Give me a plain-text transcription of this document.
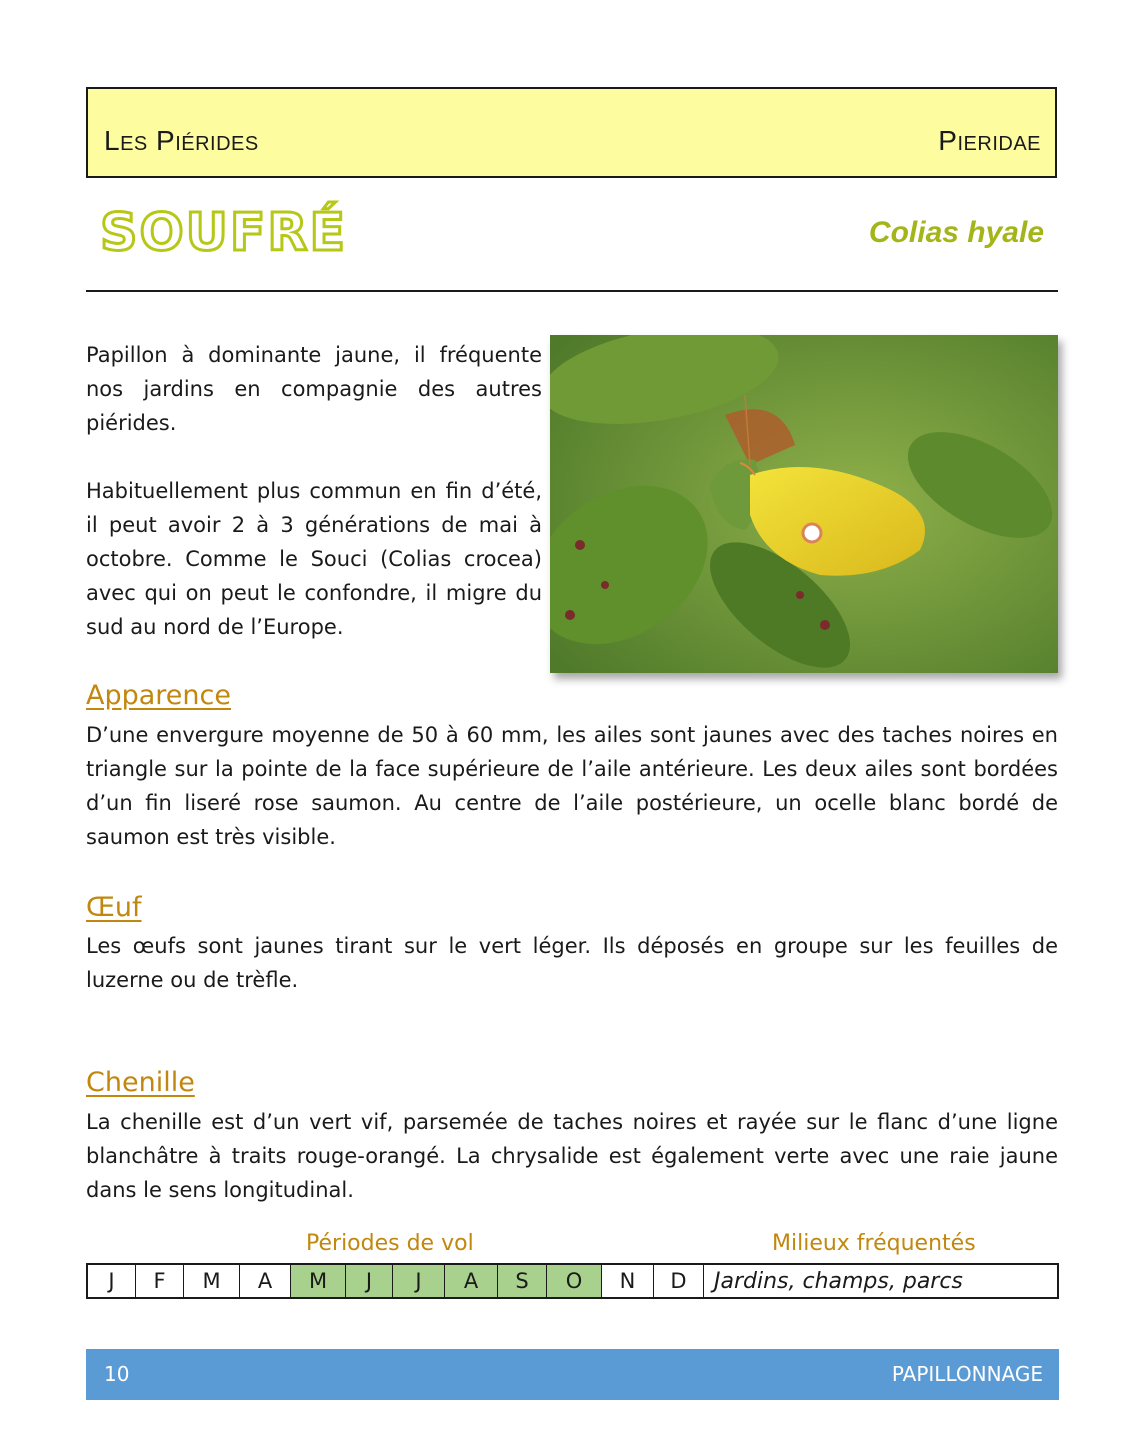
Les Piérides	Pieridae
SOUFRÉ	Colias hyale

Papillon à dominante jaune, il fréquente nos jardins en compagnie des autres piérides.

Habituellement plus commun en fin d’été, il peut avoir 2 à 3 générations de mai à octobre. Comme le Souci (Colias crocea) avec qui on peut le confondre, il migre du sud au nord de l’Europe.

Apparence
D’une envergure moyenne de 50 à 60 mm, les ailes sont jaunes avec des taches noires en triangle sur la pointe de la face supérieure de l’aile antérieure. Les deux ailes sont bordées d’un fin liseré rose saumon. Au centre de l’aile postérieure, un ocelle blanc bordé de saumon est très visible.
Œuf
Les œufs sont jaunes tirant sur le vert léger. Ils déposés en groupe sur les feuilles de luzerne ou de trèfle.
Chenille
La chenille est d’un vert vif, parsemée de taches noires et rayée sur le flanc d’une ligne blanchâtre à traits rouge-orangé. La chrysalide est également verte avec une raie jaune dans le sens longitudinal.
Périodes de vol	Milieux fréquentés
J	F	M	A	M	J	J	A	S	O	N	D	Jardins, champs, parcs
10	PAPILLONNAGE
